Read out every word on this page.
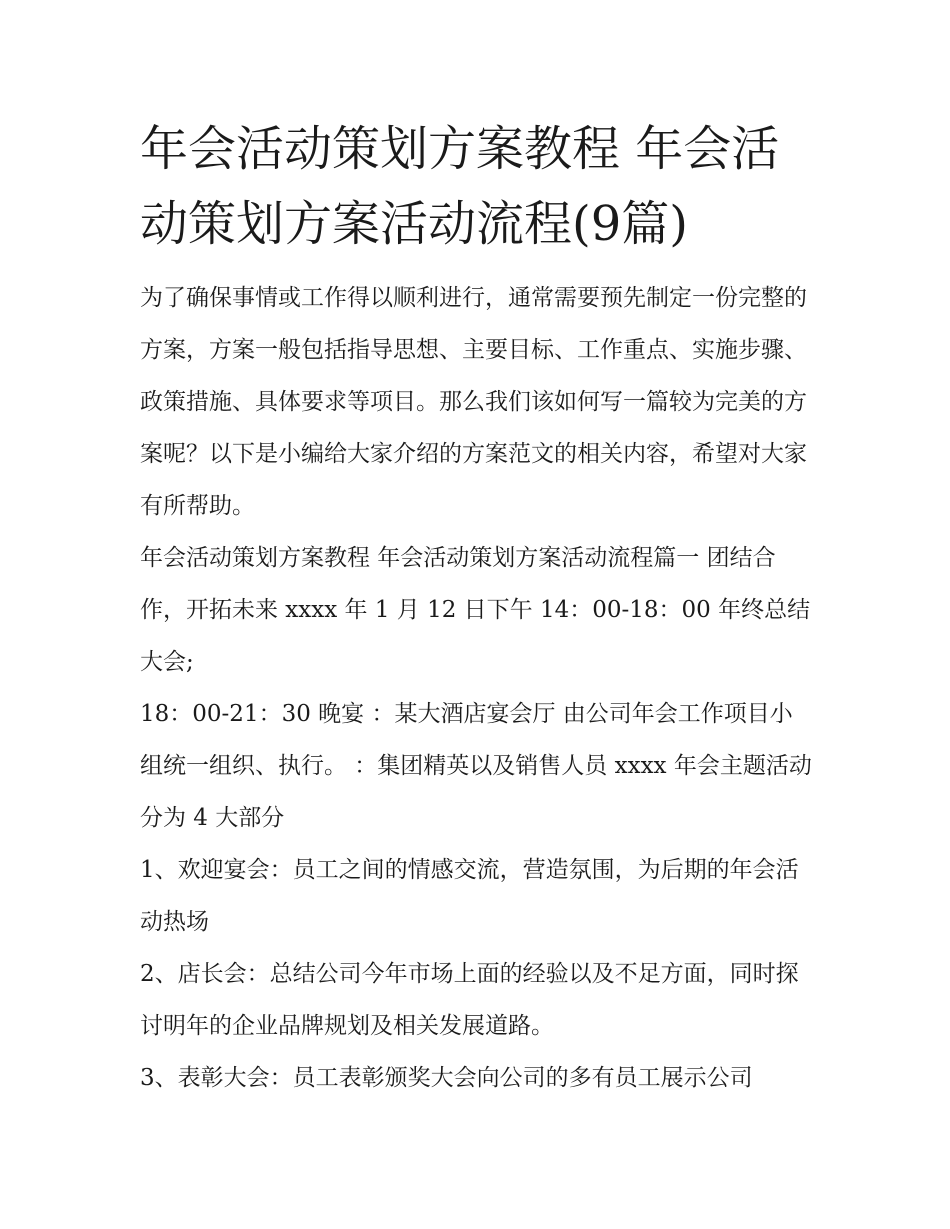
年会活动策划方案教程 年会活动策划方案活动流程(9篇)

为了确保事情或工作得以顺利进行，通常需要预先制定一份完整的方案，方案一般包括指导思想、主要目标、工作重点、实施步骤、政策措施、具体要求等项目。那么我们该如何写一篇较为完美的方案呢？以下是小编给大家介绍的方案范文的相关内容，希望对大家有所帮助。

年会活动策划方案教程 年会活动策划方案活动流程篇一 团结合作，开拓未来 xxxx 年 1 月 12 日下午 14：00-18：00 年终总结大会;

18：00-21：30 晚宴 ：某大酒店宴会厅 由公司年会工作项目小组统一组织、执行。 ：集团精英以及销售人员 xxxx 年会主题活动分为 4 大部分

1、欢迎宴会：员工之间的情感交流，营造氛围，为后期的年会活动热场

2、店长会：总结公司今年市场上面的经验以及不足方面，同时探讨明年的企业品牌规划及相关发展道路。

3、表彰大会：员工表彰颁奖大会向公司的多有员工展示公司
